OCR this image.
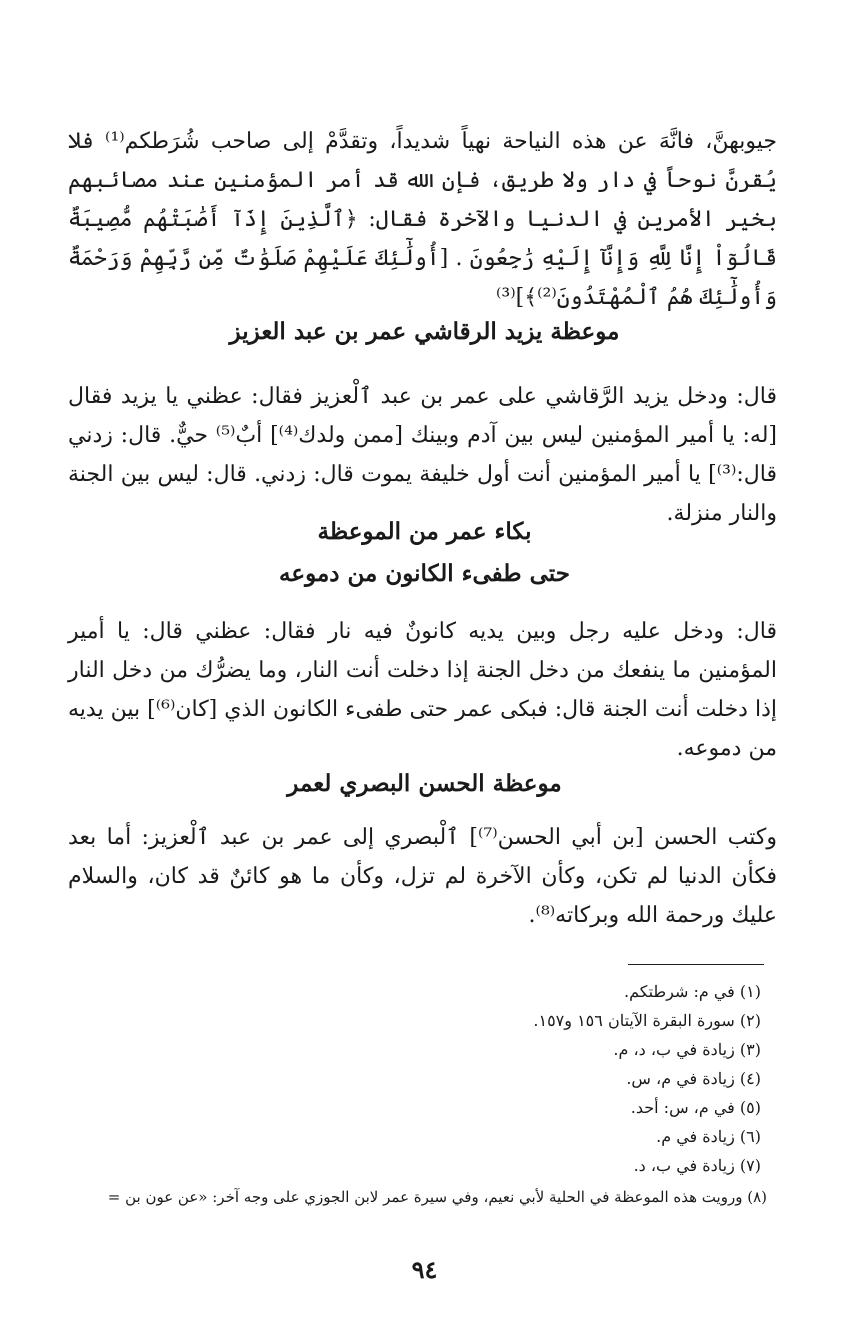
جيوبهنَّ، فانَّهَ عن هذه النياحة نهياً شديداً، وتقدَّمْ إلى صاحب شُرَطكم⁽¹⁾ فلا يُقرنَّ نوحاً في دار ولا طريق، فإن الله قد أمر المؤمنين عند مصائبهم بخير الأمرين في الدنيا والآخرة فقال: ﴿ٱلَّذِينَ إِذَآ أَصَٰبَتْهُم مُّصِيبَةٌ قَالُوٓاْ إِنَّا لِلَّهِ وَإِنَّآ إِلَيْهِ رَٰجِعُونَ . [أُولَٰٓئِكَ عَلَيْهِمْ صَلَوَٰتٌ مِّن رَّبِّهِمْ وَرَحْمَةٌ وَأُولَٰٓئِكَ هُمُ ٱلْمُهْتَدُونَ⁽²⁾﴾]⁽³⁾

موعظة يزيد الرقاشي عمر بن عبد العزيز

قال: ودخل يزيد الرَّقاشي على عمر بن عبد ٱلْعزيز فقال: عظني يا يزيد فقال [له: يا أمير المؤمنين ليس بين آدم وبينك [ممن ولدك⁽⁴⁾] أبٌ⁽⁵⁾ حيٌّ. قال: زدني قال:⁽³⁾] يا أمير المؤمنين أنت أول خليفة يموت قال: زدني. قال: ليس بين الجنة والنار منزلة.

بكاء عمر من الموعظة
حتى طفىء الكانون من دموعه

قال: ودخل عليه رجل وبين يديه كانونٌ فيه نار فقال: عظني قال: يا أمير المؤمنين ما ينفعك من دخل الجنة إذا دخلت أنت النار، وما يضرُّك من دخل النار إذا دخلت أنت الجنة قال: فبكى عمر حتى طفىء الكانون الذي [كان⁽⁶⁾] بين يديه من دموعه.

موعظة الحسن البصري لعمر

وكتب الحسن [بن أبي الحسن⁽⁷⁾] ٱلْبصري إلى عمر بن عبد ٱلْعزيز: أما بعد فكأن الدنيا لم تكن، وكأن الآخرة لم تزل، وكأن ما هو كائنٌ قد كان، والسلام عليك ورحمة الله وبركاته⁽⁸⁾.

(١) في م: شرطتكم.

(٢) سورة البقرة الآيتان ١٥٦ و١٥٧.

(٣) زيادة في ب، د، م.

(٤) زيادة في م، س.

(٥) في م، س: أحد.

(٦) زيادة في م.

(٧) زيادة في ب، د.

(٨) ورويت هذه الموعظة في الحلية لأبي نعيم، وفي سيرة عمر لابن الجوزي على وجه آخر: «عن عون بن =

٩٤
